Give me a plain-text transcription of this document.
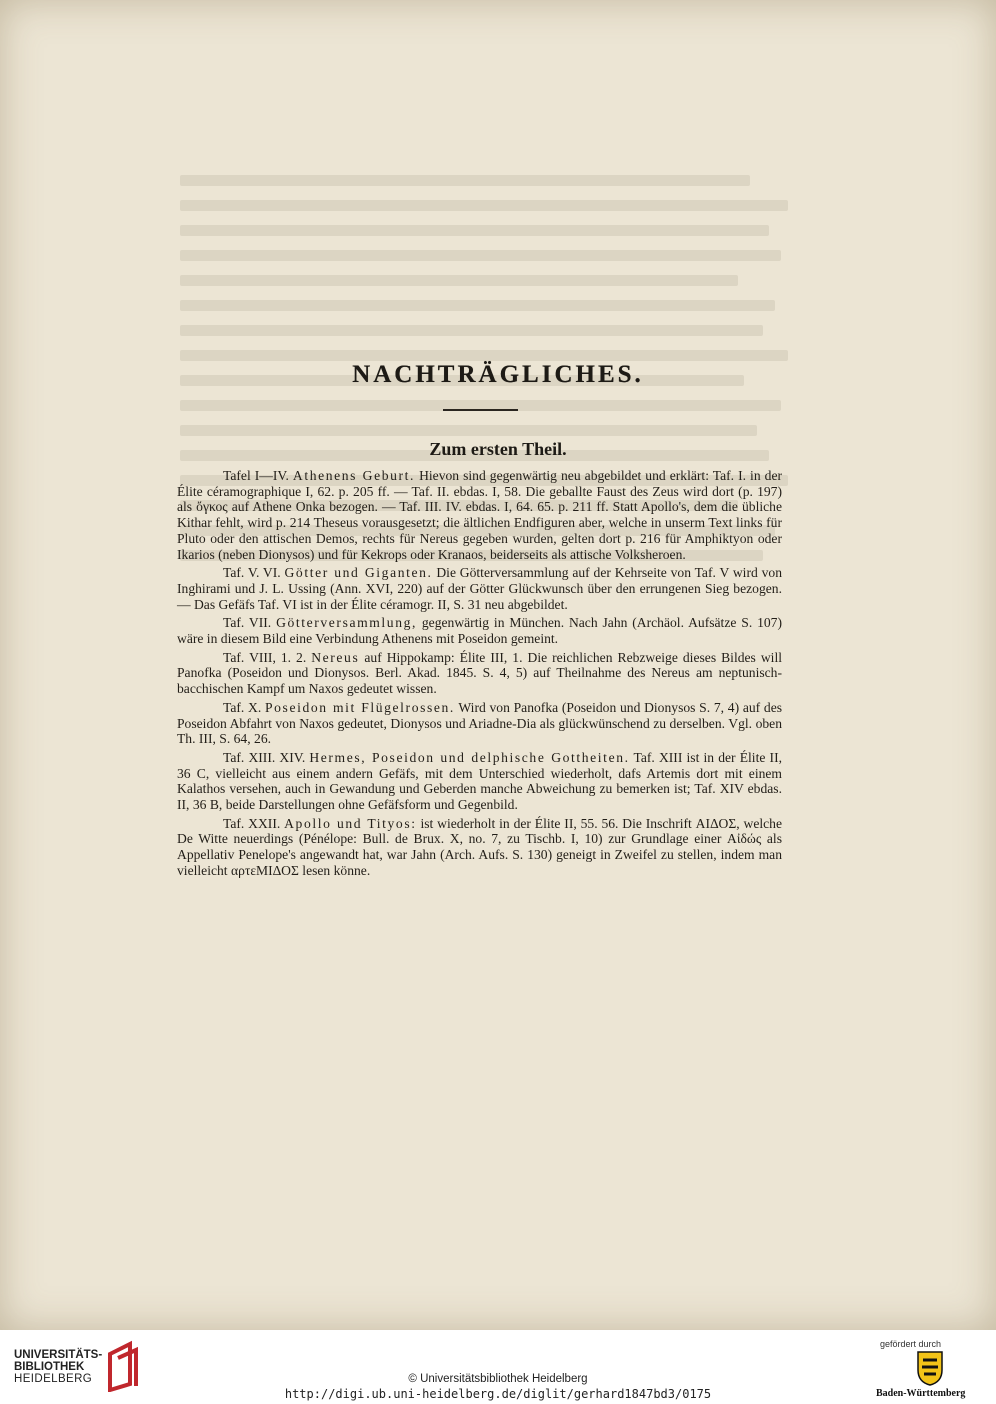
NACHTRÄGLICHES.
Zum ersten Theil.

Tafel I—IV. Athenens Geburt. Hievon sind gegenwärtig neu abgebildet und erklärt: Taf. I. in der Élite céramographique I, 62. p. 205 ff. — Taf. II. ebdas. I, 58. Die geballte Faust des Zeus wird dort (p. 197) als ὄγκος auf Athene Onka bezogen. — Taf. III. IV. ebdas. I, 64. 65. p. 211 ff. Statt Apollo's, dem die übliche Kithar fehlt, wird p. 214 Theseus vorausgesetzt; die ältlichen Endfiguren aber, welche in unserm Text links für Pluto oder den attischen Demos, rechts für Nereus gegeben wurden, gelten dort p. 216 für Amphiktyon oder Ikarios (neben Dionysos) und für Kekrops oder Kranaos, beiderseits als attische Volksheroen.

Taf. V. VI. Götter und Giganten. Die Götterversammlung auf der Kehrseite von Taf. V wird von Inghirami und J. L. Ussing (Ann. XVI, 220) auf der Götter Glückwunsch über den errungenen Sieg bezogen. — Das Gefäfs Taf. VI ist in der Élite céramogr. II, S. 31 neu abgebildet.

Taf. VII. Götterversammlung, gegenwärtig in München. Nach Jahn (Archäol. Aufsätze S. 107) wäre in diesem Bild eine Verbindung Athenens mit Poseidon gemeint.

Taf. VIII, 1. 2. Nereus auf Hippokamp: Élite III, 1. Die reichlichen Rebzweige dieses Bildes will Panofka (Poseidon und Dionysos. Berl. Akad. 1845. S. 4, 5) auf Theilnahme des Nereus am neptunisch-bacchischen Kampf um Naxos gedeutet wissen.

Taf. X. Poseidon mit Flügelrossen. Wird von Panofka (Poseidon und Dionysos S. 7, 4) auf des Poseidon Abfahrt von Naxos gedeutet, Dionysos und Ariadne-Dia als glückwünschend zu derselben. Vgl. oben Th. III, S. 64, 26.

Taf. XIII. XIV. Hermes, Poseidon und delphische Gottheiten. Taf. XIII ist in der Élite II, 36 C, vielleicht aus einem andern Gefäfs, mit dem Unterschied wiederholt, dafs Artemis dort mit einem Kalathos versehen, auch in Gewandung und Geberden manche Abweichung zu bemerken ist; Taf. XIV ebdas. II, 36 B, beide Darstellungen ohne Gefäfsform und Gegenbild.

Taf. XXII. Apollo und Tityos: ist wiederholt in der Élite II, 55. 56. Die Inschrift ΑΙΔΟΣ, welche De Witte neuerdings (Pénélope: Bull. de Brux. X, no. 7, zu Tischb. I, 10) zur Grundlage einer Αἰδώς als Appellativ Penelope's angewandt hat, war Jahn (Arch. Aufs. S. 130) geneigt in Zweifel zu stellen, indem man vielleicht αρτεΜΙΔΟΣ lesen könne.

UNIVERSITÄTS-
BIBLIOTHEK
HEIDELBERG	© Universitätsbibliothek Heidelberg
http://digi.ub.uni-heidelberg.de/diglit/gerhard1847bd3/0175
gefördert durch
Baden-Württemberg
